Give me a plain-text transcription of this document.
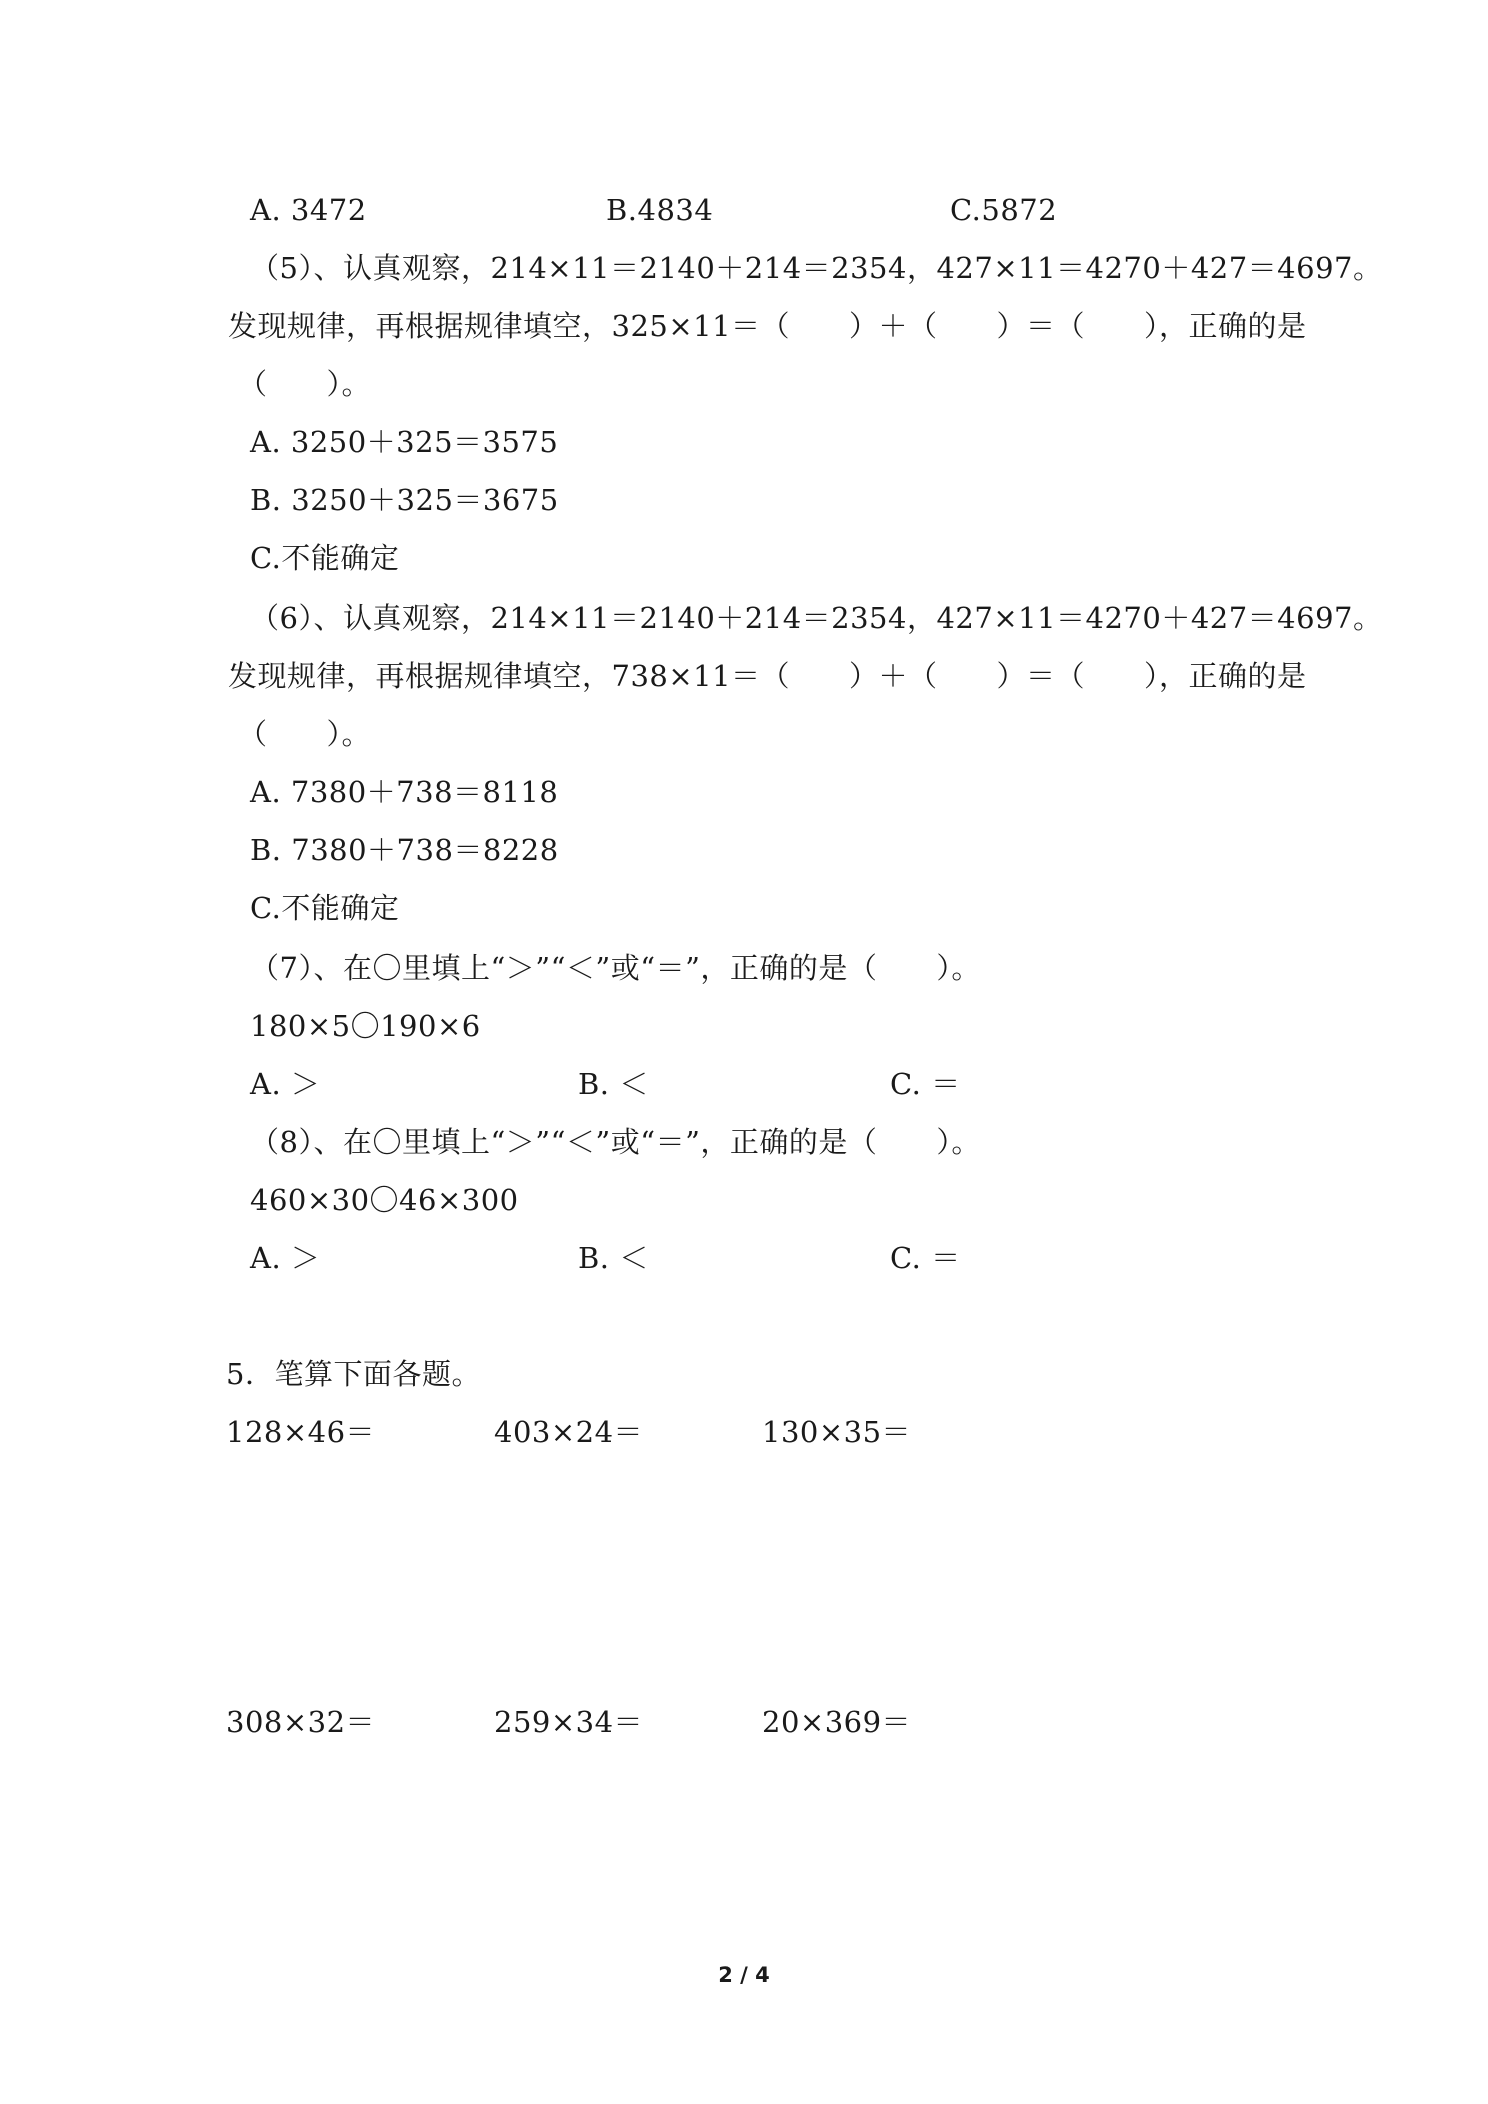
A. 3472	B.4834	C.5872
（5）、认真观察，214×11＝2140＋214＝2354，427×11＝4270＋427＝4697。
发现规律，再根据规律填空，325×11＝（　　）＋（　　）＝（　　），正确的是
（　　）。
A. 3250＋325＝3575
B. 3250＋325＝3675
C.不能确定
（6）、认真观察，214×11＝2140＋214＝2354，427×11＝4270＋427＝4697。
发现规律，再根据规律填空，738×11＝（　　）＋（　　）＝（　　），正确的是
（　　）。
A. 7380＋738＝8118
B. 7380＋738＝8228
C.不能确定
（7）、在〇里填上“＞”“＜”或“＝”，正确的是（　　）。
180×5〇190×6
A. ＞	B. ＜	C. ＝
（8）、在〇里填上“＞”“＜”或“＝”，正确的是（　　）。
460×30〇46×300
A. ＞	B. ＜	C. ＝
5．笔算下面各题。
128×46＝	403×24＝	130×35＝
308×32＝	259×34＝	20×369＝
2 / 4
